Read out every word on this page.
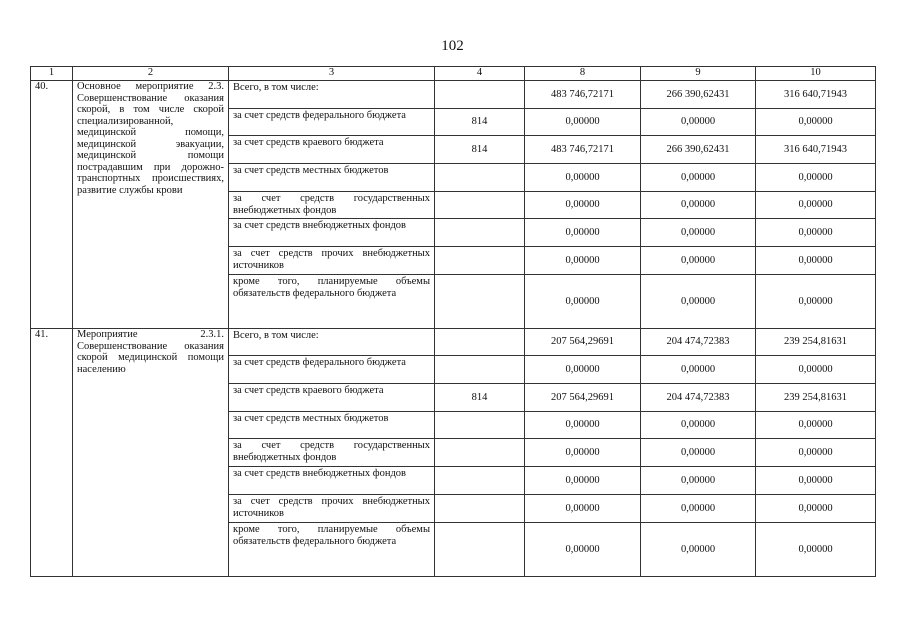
102
1	2	3	4	8	9	10
40.	Основное мероприятие 2.3. Совершенствование оказания скорой, в том числе скорой специализированной, медицинской помощи, медицинской эвакуации, медицинской помощи пострадавшим при дорожно-транспортных происшествиях, развитие службы крови	Всего, в том числе:		483 746,72171	266 390,62431	316 640,71943
		за счет средств федерального бюджета	814	0,00000	0,00000	0,00000
		за счет средств краевого бюджета	814	483 746,72171	266 390,62431	316 640,71943
		за счет средств местных бюджетов		0,00000	0,00000	0,00000
		за счет средств государственных внебюджетных фондов		0,00000	0,00000	0,00000
		за счет средств внебюджетных фондов		0,00000	0,00000	0,00000
		за счет средств прочих внебюджетных источников		0,00000	0,00000	0,00000
		кроме того, планируемые объемы обязательств федерального бюджета		0,00000	0,00000	0,00000
41.	Мероприятие 2.3.1. Совершенствование оказания скорой медицинской помощи населению	Всего, в том числе:		207 564,29691	204 474,72383	239 254,81631
		за счет средств федерального бюджета		0,00000	0,00000	0,00000
		за счет средств краевого бюджета	814	207 564,29691	204 474,72383	239 254,81631
		за счет средств местных бюджетов		0,00000	0,00000	0,00000
		за счет средств государственных внебюджетных фондов		0,00000	0,00000	0,00000
		за счет средств внебюджетных фондов		0,00000	0,00000	0,00000
		за счет средств прочих внебюджетных источников		0,00000	0,00000	0,00000
		кроме того, планируемые объемы обязательств федерального бюджета		0,00000	0,00000	0,00000
